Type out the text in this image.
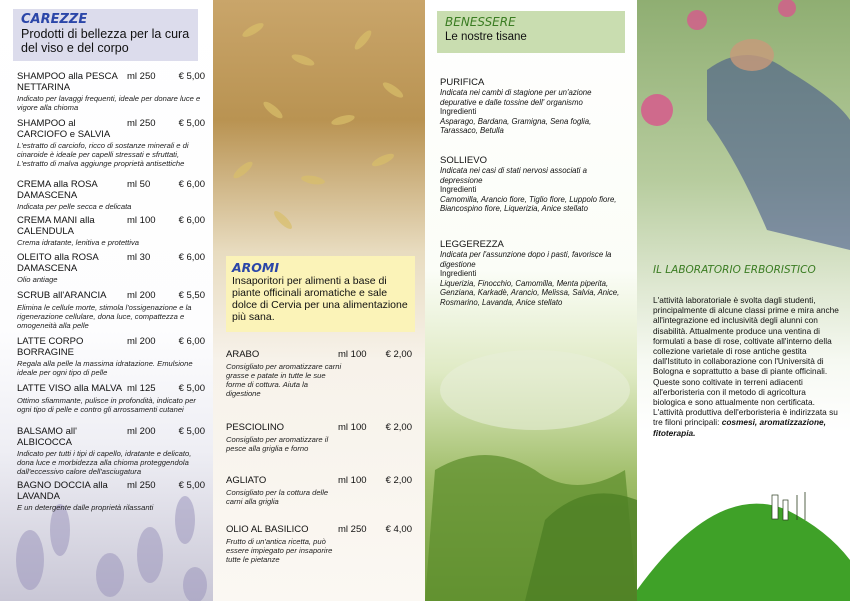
CAREZZE
Prodotti di bellezza per la cura del viso e del corpo
SHAMPOO alla PESCA NETTARINA
ml 250	€ 5,00
Indicato per lavaggi frequenti, ideale per donare luce e vigore alla chioma
SHAMPOO al CARCIOFO e SALVIA
ml 250	€ 5,00
L'estratto di carciofo, ricco di sostanze minerali e di cinaroide è ideale per capelli stressati e sfruttati, L'estratto di malva aggiunge proprietà antisettiche
CREMA alla ROSA DAMASCENA
ml 50	€ 6,00
Indicata per pelle secca e delicata
CREMA MANI alla CALENDULA
ml 100	€ 6,00
Crema idratante, lenitiva e protettiva
OLEITO alla ROSA DAMASCENA
ml 30	€ 6,00
Olio antiage
SCRUB all'ARANCIA	ml 200	€ 5,50
Elimina le cellule morte, stimola l'ossigenazione e la rigenerazione cellulare, dona luce, compattezza e omogeneità alla pelle
LATTE CORPO BORRAGINE
ml 200	€ 6,00
Regala alla pelle la massima idratazione. Emulsione ideale per ogni tipo di pelle
LATTE VISO alla MALVA ml 125	€ 5,00
Ottimo sfiammante, pulisce in profondità, indicato per ogni tipo di pelle e contro gli arrossamenti cutanei
BALSAMO all' ALBICOCCA
ml 200	€ 5,00
Indicato per tutti i tipi di capello, idratante e delicato, dona luce e morbidezza alla chioma proteggendola dall'eccessivo calore dell'asciugatura
BAGNO DOCCIA alla LAVANDA
ml 250	€ 5,00
E un detergente dalle proprietà rilassanti
AROMI
Insaporitori per alimenti a base di piante officinali aromatiche e sale dolce di Cervia per una alimentazione più sana.
ARABO	ml 100	€ 2,00
Consigliato per aromatizzare carni grasse e patate in tutte le sue forme di cottura. Aiuta la digestione
PESCIOLINO	ml 100	€ 2,00
Consigliato per aromatizzare il pesce alla griglia e forno
AGLIATO	ml 100	€ 2,00
Consigliato per la cottura delle carni alla griglia
OLIO AL BASILICO	ml 250	€ 4,00
Frutto di un'antica ricetta, può essere impiegato per insaporire tutte le pietanze
BENESSERE
Le nostre tisane
PURIFICA
Indicata nei cambi di stagione per un'azione depurative e dalle tossine dell' organismo
Ingredienti
Asparago, Bardana, Gramigna, Sena foglia, Tarassaco, Betulla
SOLLIEVO
Indicata nei casi di stati nervosi associati a depressione
Ingredienti
Camomilla, Arancio fiore, Tiglio fiore, Luppolo fiore, Biancospino fiore, Liquerizia, Anice stellato
LEGGEREZZA
Indicata per l'assunzione dopo i pasti, favorisce la digestione
Ingredienti
Liquerizia, Finocchio, Camomilla, Menta piperita, Genziana, Karkadè, Arancio, Melissa, Salvia, Anice, Rosmarino, Lavanda, Anice stellato
IL LABORATORIO ERBORISTICO
L'attività laboratoriale è svolta dagli studenti, principalmente di alcune classi prime e mira anche all'integrazione ed inclusività degli alunni con disabilità. Attualmente produce una ventina di formulati a base di rose, coltivate all'interno della collezione varietale di rose antiche gestita dall'Istituto in collaborazione con l'Università di Bologna e soprattutto a base di piante officinali. Queste sono coltivate in terreni adiacenti all'erboristeria con il metodo di agricoltura biologica e sono attualmente non certificata. L'attività produttiva dell'erboristeria è indirizzata su tre filoni principali: cosmesi, aromatizzazione, fitoterapia.
